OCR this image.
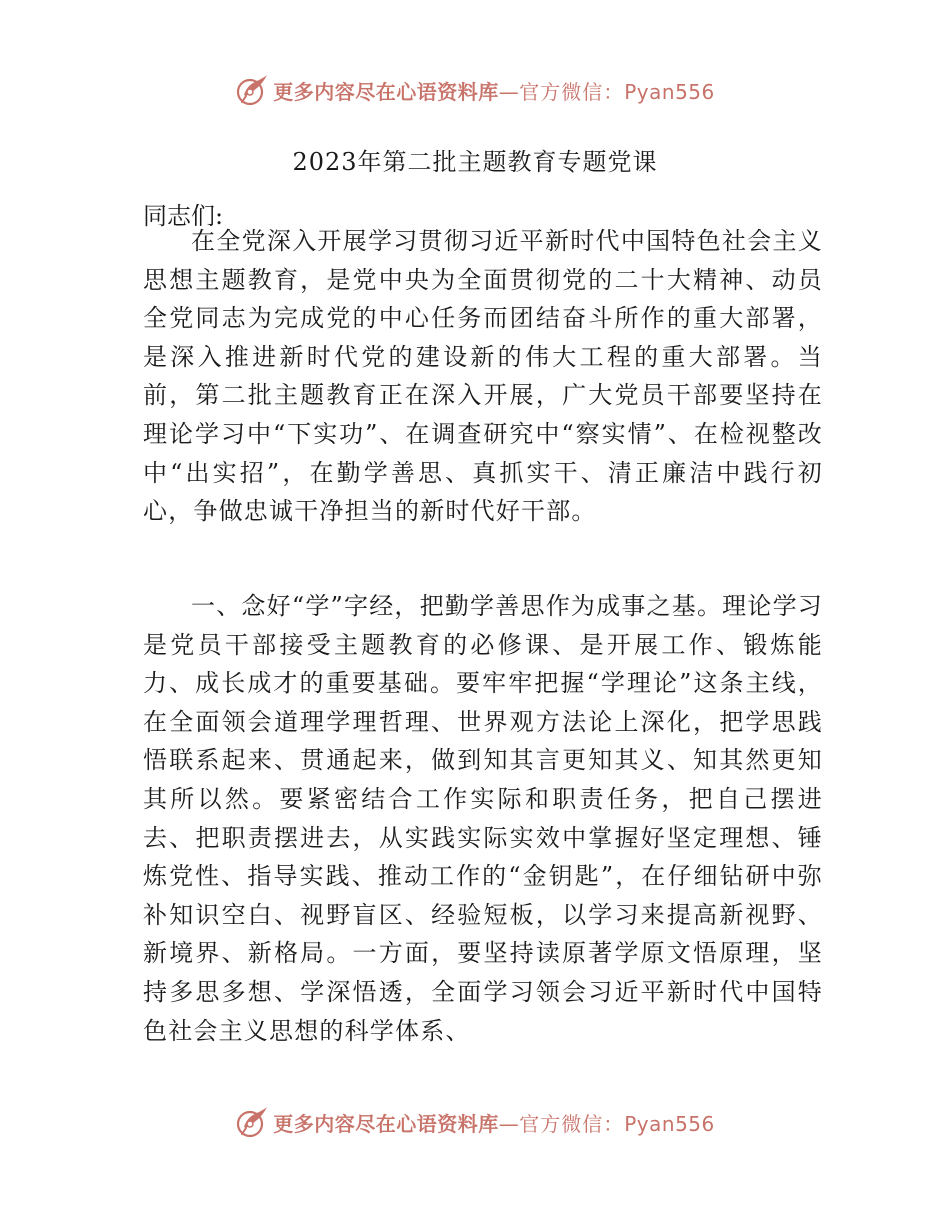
更多内容尽在心语资料库—官方微信：Pyan556
2023年第二批主题教育专题党课
同志们:

在全党深入开展学习贯彻习近平新时代中国特色社会主义思想主题教育，是党中央为全面贯彻党的二十大精神、动员全党同志为完成党的中心任务而团结奋斗所作的重大部署，是深入推进新时代党的建设新的伟大工程的重大部署。当前，第二批主题教育正在深入开展，广大党员干部要坚持在理论学习中“下实功”、在调查研究中“察实情”、在检视整改中“出实招”，在勤学善思、真抓实干、清正廉洁中践行初心，争做忠诚干净担当的新时代好干部。

一、念好“学”字经，把勤学善思作为成事之基。理论学习是党员干部接受主题教育的必修课、是开展工作、锻炼能力、成长成才的重要基础。要牢牢把握“学理论”这条主线，在全面领会道理学理哲理、世界观方法论上深化，把学思践悟联系起来、贯通起来，做到知其言更知其义、知其然更知其所以然。要紧密结合工作实际和职责任务，把自己摆进去、把职责摆进去，从实践实际实效中掌握好坚定理想、锤炼党性、指导实践、推动工作的“金钥匙”，在仔细钻研中弥补知识空白、视野盲区、经验短板，以学习来提高新视野、新境界、新格局。一方面，要坚持读原著学原文悟原理，坚持多思多想、学深悟透，全面学习领会习近平新时代中国特色社会主义思想的科学体系、

更多内容尽在心语资料库—官方微信：Pyan556
